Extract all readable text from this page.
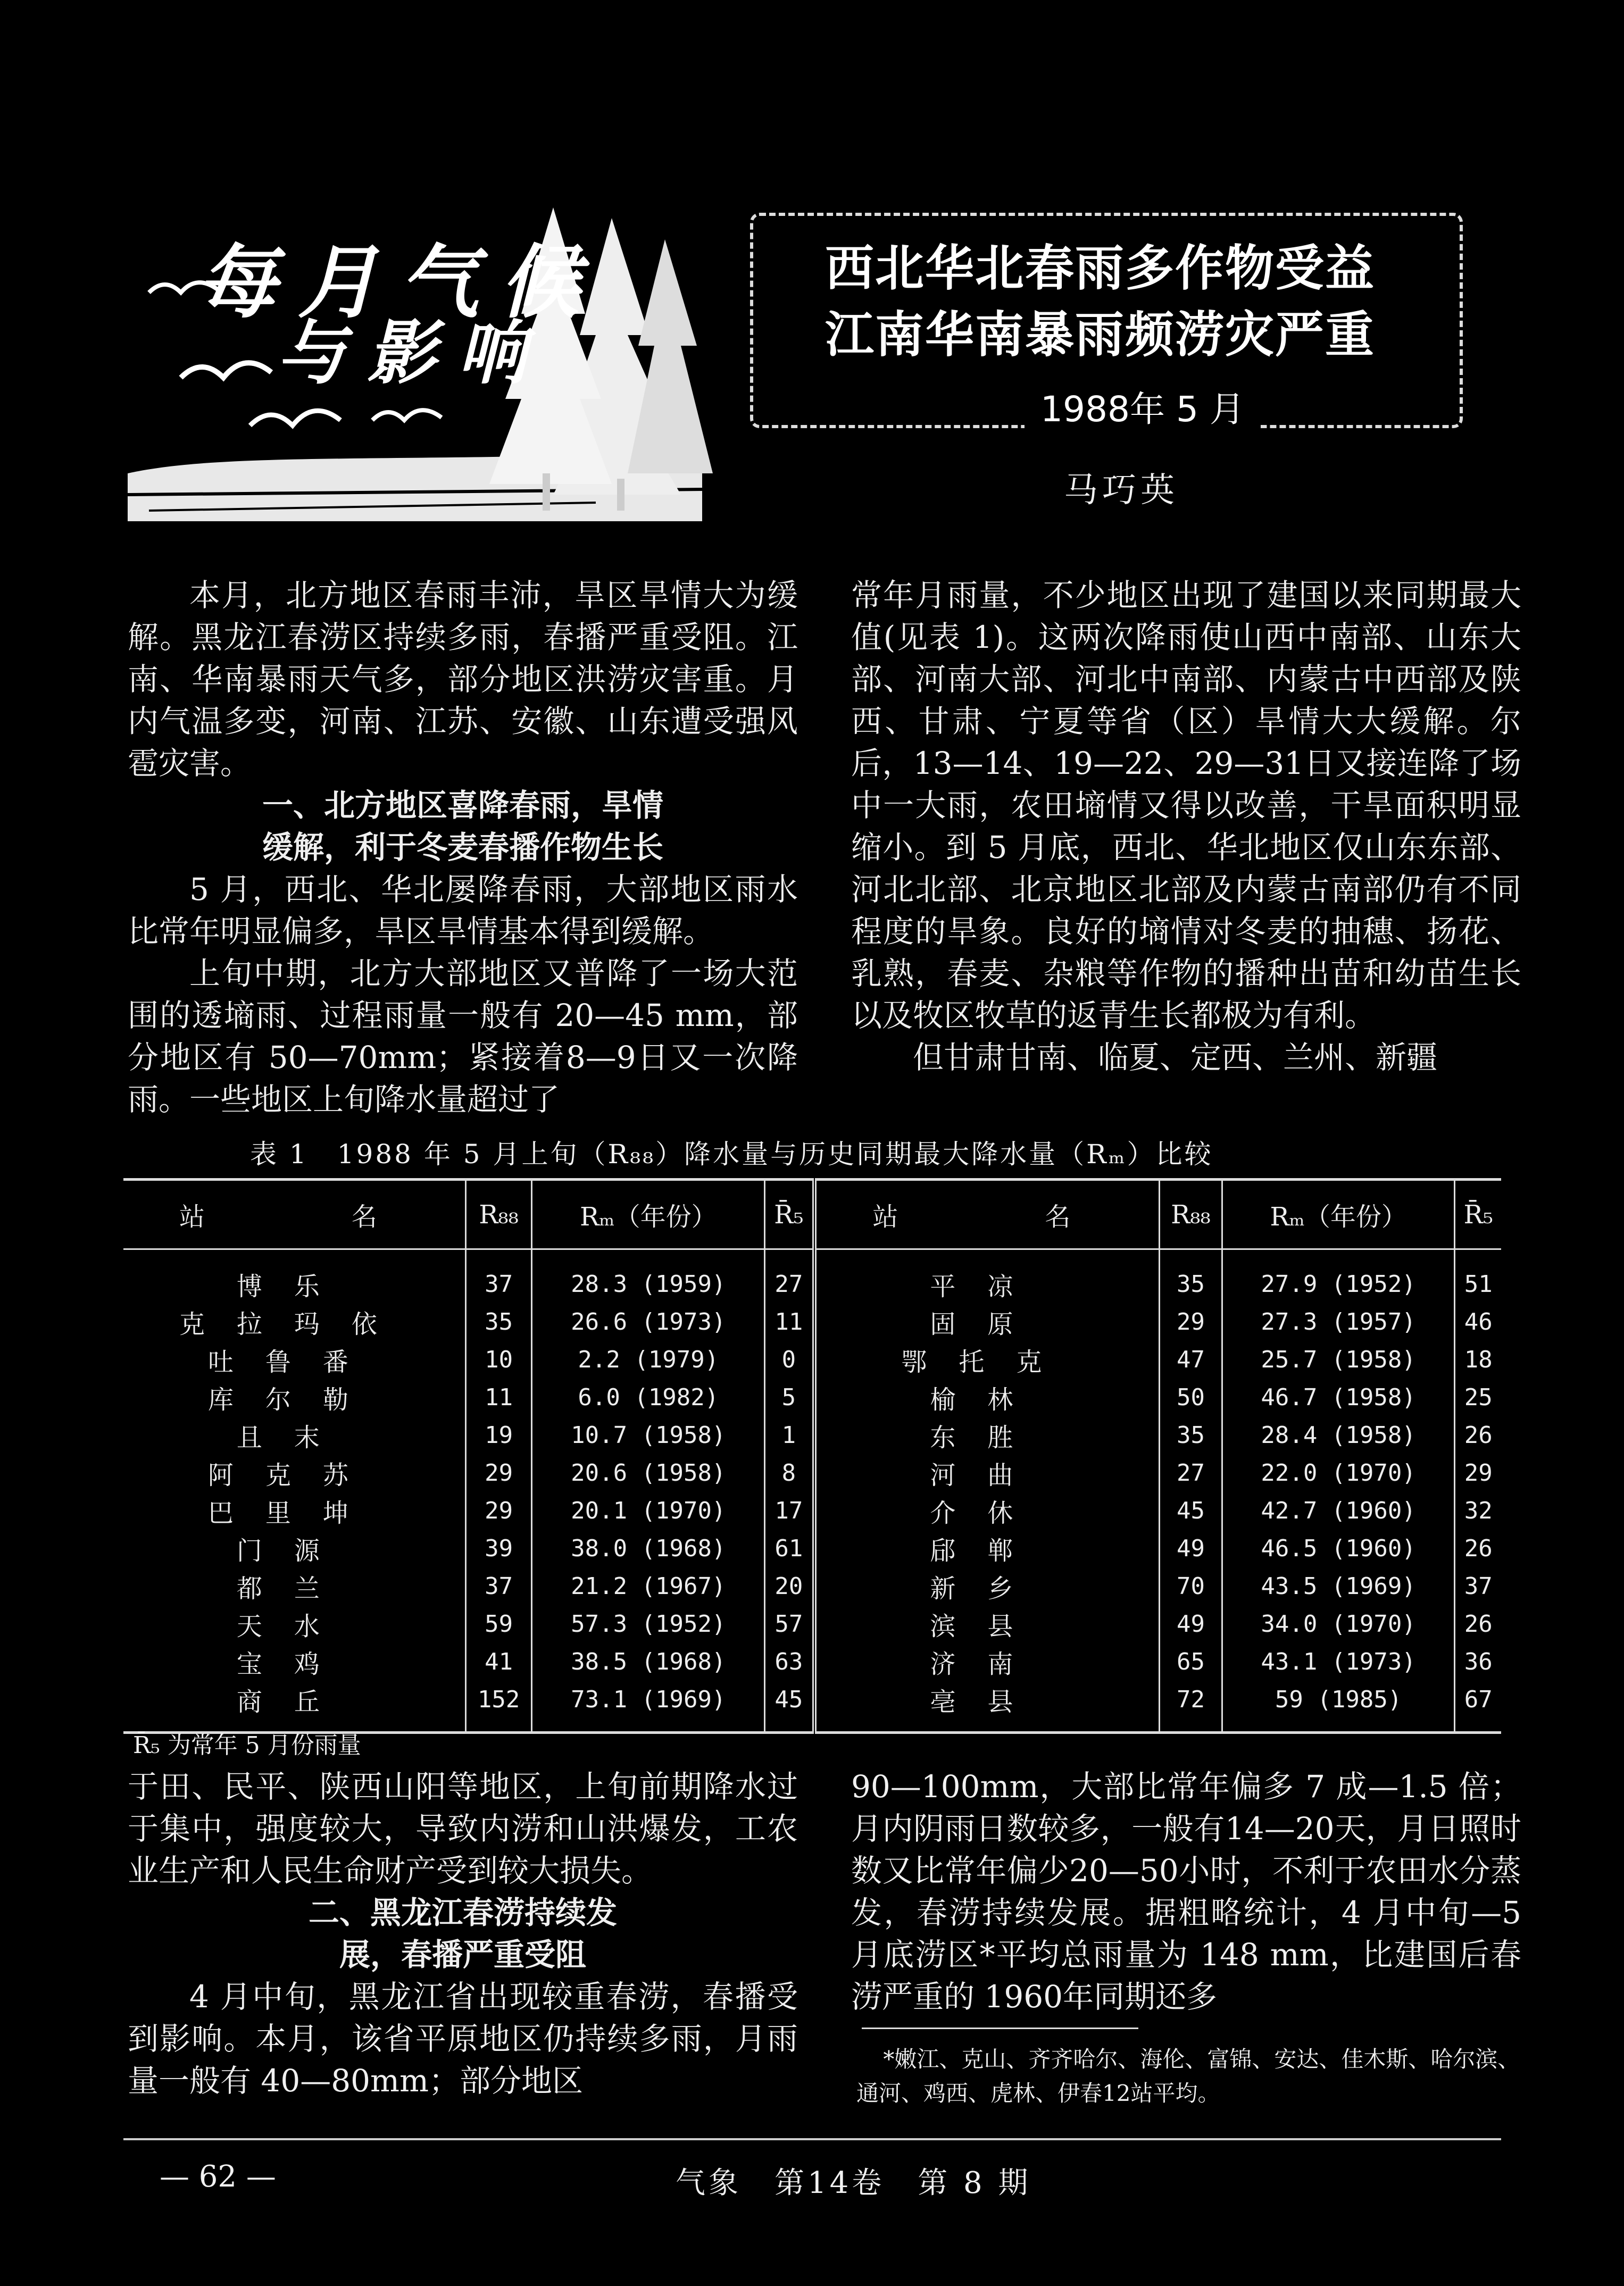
每月气候
与影响
西北华北春雨多作物受益
江南华南暴雨频涝灾严重
1988年 5 月
马巧英

本月，北方地区春雨丰沛，旱区旱情大为缓解。黑龙江春涝区持续多雨，春播严重受阻。江南、华南暴雨天气多，部分地区洪涝灾害重。月内气温多变，河南、江苏、安徽、山东遭受强风雹灾害。

一、北方地区喜降春雨，旱情
缓解，利于冬麦春播作物生长

5 月，西北、华北屡降春雨，大部地区雨水比常年明显偏多，旱区旱情基本得到缓解。

上旬中期，北方大部地区又普降了一场大范围的透墒雨、过程雨量一般有 20—45 mm，部分地区有 50—70mm；紧接着8—9日又一次降雨。一些地区上旬降水量超过了

常年月雨量，不少地区出现了建国以来同期最大值(见表 1)。这两次降雨使山西中南部、山东大部、河南大部、河北中南部、内蒙古中西部及陕西、甘肃、宁夏等省（区）旱情大大缓解。尔后，13—14、19—22、29—31日又接连降了场中一大雨，农田墒情又得以改善，干旱面积明显缩小。到 5 月底，西北、华北地区仅山东东部、河北北部、北京地区北部及内蒙古南部仍有不同程度的旱象。良好的墒情对冬麦的抽穗、扬花、乳熟，春麦、杂粮等作物的播种出苗和幼苗生长以及牧区牧草的返青生长都极为有利。

但甘肃甘南、临夏、定西、兰州、新疆

表 1　1988 年 5 月上旬（R₈₈）降水量与历史同期最大降水量（Rₘ）比较
站　　名	R₈₈	Rₘ（年份）	R̄₅	站　　名	R₈₈	Rₘ（年份）	R̄₅
博乐	37	28.3 (1959)	27	平凉	35	27.9 (1952)	51
克拉玛依	35	26.6 (1973)	11	固原	29	27.3 (1957)	46
吐鲁番	10	2.2 (1979)	0	鄂托克	47	25.7 (1958)	18
库尔勒	11	6.0 (1982)	5	榆林	50	46.7 (1958)	25
且末	19	10.7 (1958)	1	东胜	35	28.4 (1958)	26
阿克苏	29	20.6 (1958)	8	河曲	27	22.0 (1970)	29
巴里坤	29	20.1 (1970)	17	介休	45	42.7 (1960)	32
门源	39	38.0 (1968)	61	郈郸	49	46.5 (1960)	26
都兰	37	21.2 (1967)	20	新乡	70	43.5 (1969)	37
天水	59	57.3 (1952)	57	滨县	49	34.0 (1970)	26
宝鸡	41	38.5 (1968)	63	济南	65	43.1 (1973)	36
商丘	152	73.1 (1969)	45	亳县	72	59 (1985)	67
R̄₅ 为常年 5 月份雨量

于田、民平、陕西山阳等地区，上旬前期降水过于集中，强度较大，导致内涝和山洪爆发，工农业生产和人民生命财产受到较大损失。

二、黑龙江春涝持续发
展，春播严重受阻

4 月中旬，黑龙江省出现较重春涝，春播受到影响。本月，该省平原地区仍持续多雨，月雨量一般有 40—80mm；部分地区

90—100mm，大部比常年偏多 7 成—1.5 倍；月内阴雨日数较多，一般有14—20天，月日照时数又比常年偏少20—50小时，不利于农田水分蒸发，春涝持续发展。据粗略统计，4 月中旬—5 月底涝区*平均总雨量为 148 mm，比建国后春涝严重的 1960年同期还多

*嫩江、克山、齐齐哈尔、海伦、富锦、安达、佳木斯、哈尔滨、通河、鸡西、虎林、伊春12站平均。
— 62 —	气象　第14卷　第 8 期
